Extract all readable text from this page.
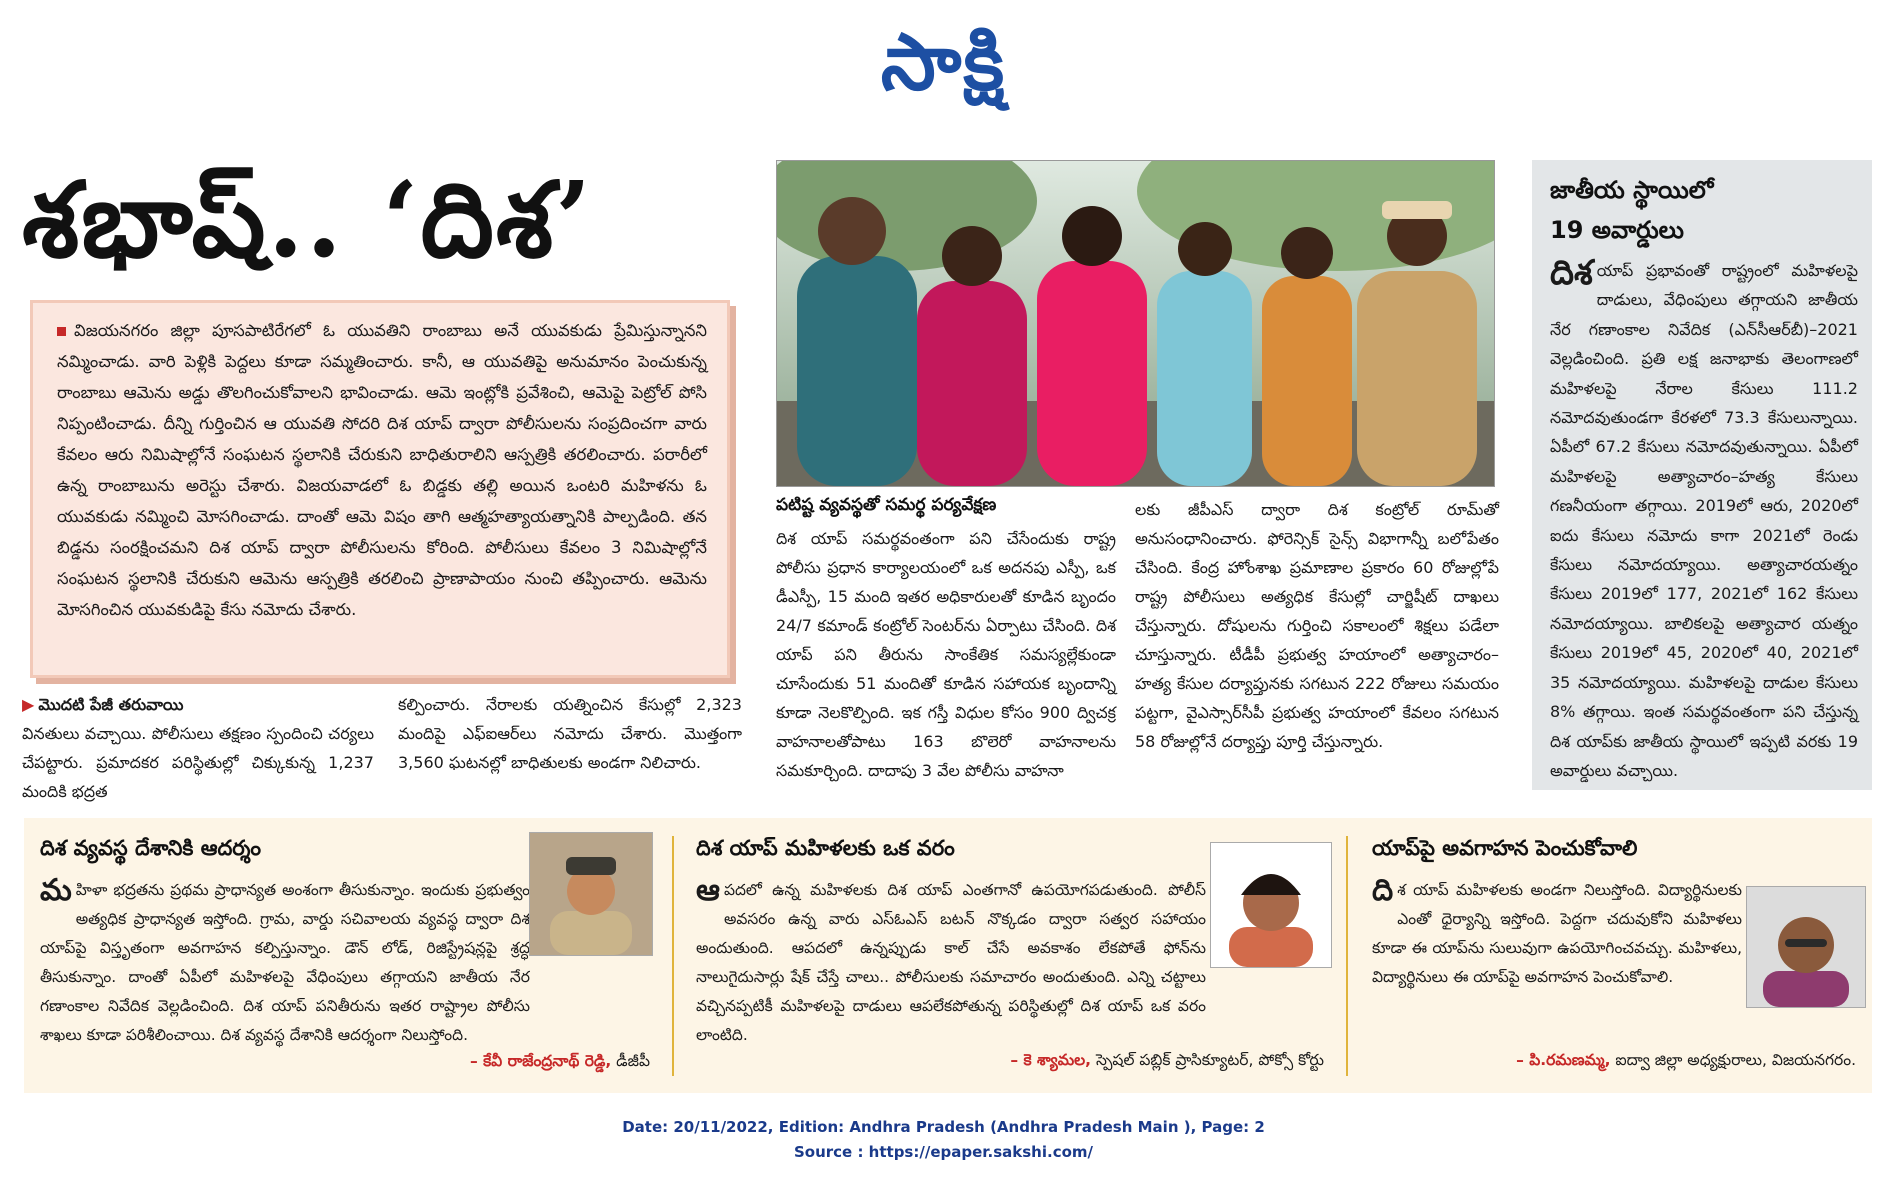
సాక్షి
శభాష్.. ‘దిశ’

విజయనగరం జిల్లా పూసపాటిరేగలో ఓ యువతిని రాంబాబు అనే యువకుడు ప్రేమిస్తున్నానని నమ్మించాడు. వారి పెళ్లికి పెద్దలు కూడా సమ్మతించారు. కానీ, ఆ యువతిపై అనుమానం పెంచుకున్న రాంబాబు ఆమెను అడ్డు తొలగించుకోవాలని భావించాడు. ఆమె ఇంట్లోకి ప్రవేశించి, ఆమెపై పెట్రోల్ పోసి నిప్పంటించాడు. దీన్ని గుర్తించిన ఆ యువతి సోదరి దిశ యాప్ ద్వారా పోలీసులను సంప్రదించగా వారు కేవలం ఆరు నిమిషాల్లోనే సంఘటన స్థలానికి చేరుకుని బాధితురాలిని ఆస్పత్రికి తరలించారు. పరారీలో ఉన్న రాంబాబును అరెస్టు చేశారు. విజయవాడలో ఓ బిడ్డకు తల్లి అయిన ఒంటరి మహిళను ఓ యువకుడు నమ్మించి మోసగించాడు. దాంతో ఆమె విషం తాగి ఆత్మహత్యాయత్నానికి పాల్పడింది. తన బిడ్డను సంరక్షించమని దిశ యాప్ ద్వారా పోలీసులను కోరింది. పోలీసులు కేవలం 3 నిమిషాల్లోనే సంఘటన స్థలానికి చేరుకుని ఆమెను ఆస్పత్రికి తరలించి ప్రాణాపాయం నుంచి తప్పించారు. ఆమెను మోసగించిన యువకుడిపై కేసు నమోదు చేశారు.

పటిష్ట వ్యవస్థతో సమర్థ పర్యవేక్షణ

దిశ యాప్ సమర్థవంతంగా పని చేసేందుకు రాష్ట్ర పోలీసు ప్రధాన కార్యాలయంలో ఒక అదనపు ఎస్పీ, ఒక డీఎస్పీ, 15 మంది ఇతర అధికారులతో కూడిన బృందం 24/7 కమాండ్ కంట్రోల్ సెంటర్‌ను ఏర్పాటు చేసింది. దిశ యాప్ పని తీరును సాంకేతిక సమస్యల్లేకుండా చూసేందుకు 51 మందితో కూడిన సహాయక బృందాన్ని కూడా నెలకొల్పింది. ఇక గస్తీ విధుల కోసం 900 ద్విచక్ర వాహనాలతోపాటు 163 బొలెరో వాహనాలను సమకూర్చింది. దాదాపు 3 వేల పోలీసు వాహనా

లకు జీపీఎస్ ద్వారా దిశ కంట్రోల్ రూమ్‌తో అనుసంధానించారు. ఫోరెన్సిక్ సైన్స్ విభాగాన్నీ బలోపేతం చేసింది. కేంద్ర హోంశాఖ ప్రమాణాల ప్రకారం 60 రోజుల్లోపే రాష్ట్ర పోలీసులు అత్యధిక కేసుల్లో చార్జిషీట్ దాఖలు చేస్తున్నారు. దోషులను గుర్తించి సకాలంలో శిక్షలు పడేలా చూస్తున్నారు. టీడీపీ ప్రభుత్వ హయాంలో అత్యాచారం–హత్య కేసుల దర్యాప్తునకు సగటున 222 రోజులు సమయం పట్టగా, వైఎస్సార్‌సీపీ ప్రభుత్వ హయాంలో కేవలం సగటున 58 రోజుల్లోనే దర్యాప్తు పూర్తి చేస్తున్నారు.

▶ మొదటి పేజీ తరువాయి

వినతులు వచ్చాయి. పోలీసులు తక్షణం స్పందించి చర్యలు చేపట్టారు. ప్రమాదకర పరిస్థితుల్లో చిక్కుకున్న 1,237 మందికి భద్రత

కల్పించారు. నేరాలకు యత్నించిన కేసుల్లో 2,323 మందిపై ఎఫ్ఐఆర్‌లు నమోదు చేశారు. మొత్తంగా 3,560 ఘటనల్లో బాధితులకు అండగా నిలిచారు.

జాతీయ స్థాయిలో
19 అవార్డులు
దిశ యాప్ ప్రభావంతో రాష్ట్రంలో మహిళలపై దాడులు, వేధింపులు తగ్గాయని జాతీయ నేర గణాంకాల నివేదిక (ఎన్‌సీఆర్‌బీ)–2021 వెల్లడించింది. ప్రతి లక్ష జనాభాకు తెలంగాణలో మహిళలపై నేరాల కేసులు 111.2 నమోదవుతుండగా కేరళలో 73.3 కేసులున్నాయి. ఏపీలో 67.2 కేసులు నమోదవుతున్నాయి. ఏపీలో మహిళలపై అత్యాచారం–హత్య కేసులు గణనీయంగా తగ్గాయి. 2019లో ఆరు, 2020లో ఐదు కేసులు నమోదు కాగా 2021లో రెండు కేసులు నమోదయ్యాయి. అత్యాచారయత్నం కేసులు 2019లో 177, 2021లో 162 కేసులు నమోదయ్యాయి. బాలికలపై అత్యాచార యత్నం కేసులు 2019లో 45, 2020లో 40, 2021లో 35 నమోదయ్యాయి. మహిళలపై దాడుల కేసులు 8% తగ్గాయి. ఇంత సమర్థవంతంగా పని చేస్తున్న దిశ యాప్‌కు జాతీయ స్థాయిలో ఇప్పటి వరకు 19 అవార్డులు వచ్చాయి.
దిశ వ్యవస్థ దేశానికి ఆదర్శం
మహిళా భద్రతను ప్రథమ ప్రాధాన్యత అంశంగా తీసుకున్నాం. ఇందుకు ప్రభుత్వం అత్యధిక ప్రాధాన్యత ఇస్తోంది. గ్రామ, వార్డు సచివాలయ వ్యవస్థ ద్వారా దిశ యాప్‌పై విస్తృతంగా అవగాహన కల్పిస్తున్నాం. డౌన్ లోడ్, రిజిస్ట్రేషన్లపై శ్రద్ధ తీసుకున్నాం. దాంతో ఏపీలో మహిళలపై వేధింపులు తగ్గాయని జాతీయ నేర గణాంకాల నివేదిక వెల్లడించింది. దిశ యాప్ పనితీరును ఇతర రాష్ట్రాల పోలీసు శాఖలు కూడా పరిశీలించాయి. దిశ వ్యవస్థ దేశానికి ఆదర్శంగా నిలుస్తోంది.
– కేవీ రాజేంద్రనాథ్ రెడ్డి, డీజీపీ
దిశ యాప్ మహిళలకు ఒక వరం
ఆపదలో ఉన్న మహిళలకు దిశ యాప్ ఎంతగానో ఉపయోగపడుతుంది. పోలీస్ అవసరం ఉన్న వారు ఎస్ఓఎస్ బటన్ నొక్కడం ద్వారా సత్వర సహాయం అందుతుంది. ఆపదలో ఉన్నప్పుడు కాల్ చేసే అవకాశం లేకపోతే ఫోన్‌ను నాలుగైదుసార్లు షేక్ చేస్తే చాలు.. పోలీసులకు సమాచారం అందుతుంది. ఎన్ని చట్టాలు వచ్చినప్పటికీ మహిళలపై దాడులు ఆపలేకపోతున్న పరిస్థితుల్లో దిశ యాప్ ఒక వరం లాంటిది.
– కె శ్యామల, స్పెషల్ పబ్లిక్ ప్రాసిక్యూటర్, పోక్సో కోర్టు
యాప్‌పై అవగాహన పెంచుకోవాలి
దిశ యాప్ మహిళలకు అండగా నిలుస్తోంది. విద్యార్థినులకు ఎంతో ధైర్యాన్ని ఇస్తోంది. పెద్దగా చదువుకోని మహిళలు కూడా ఈ యాప్‌ను సులువుగా ఉపయోగించవచ్చు. మహిళలు, విద్యార్థినులు ఈ యాప్‌పై అవగాహన పెంచుకోవాలి.
– పి.రమణమ్మ, ఐద్వా జిల్లా అధ్యక్షురాలు, విజయనగరం.
Date: 20/11/2022, Edition: Andhra Pradesh (Andhra Pradesh Main ), Page: 2
Source : https://epaper.sakshi.com/
